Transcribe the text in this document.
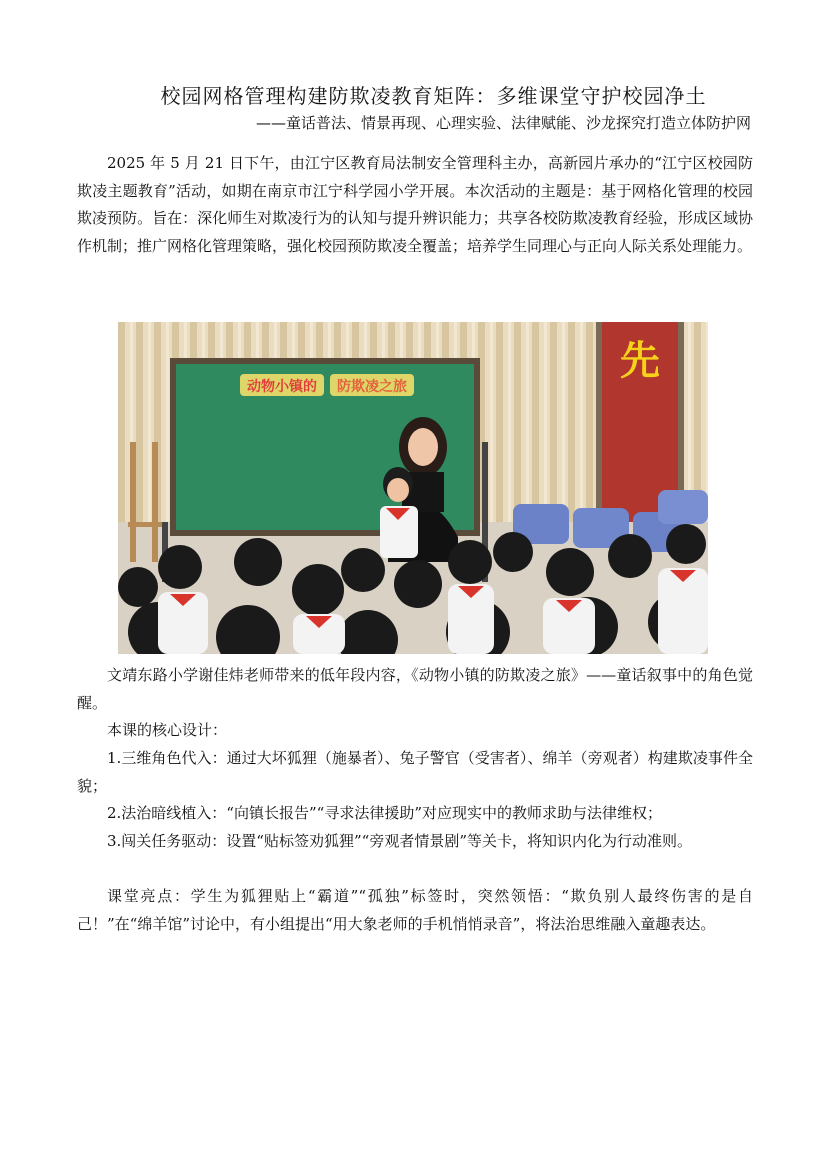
校园网格管理构建防欺凌教育矩阵：多维课堂守护校园净土
——童话普法、情景再现、心理实验、法律赋能、沙龙探究打造立体防护网

2025 年 5 月 21 日下午，由江宁区教育局法制安全管理科主办，高新园片承办的“江宁区校园防欺凌主题教育”活动，如期在南京市江宁科学园小学开展。本次活动的主题是：基于网格化管理的校园欺凌预防。旨在：深化师生对欺凌行为的认知与提升辨识能力；共享各校防欺凌教育经验，形成区域协作机制；推广网格化管理策略，强化校园预防欺凌全覆盖；培养学生同理心与正向人际关系处理能力。

先
动物小镇的 防欺凌之旅

文靖东路小学谢佳炜老师带来的低年段内容，《动物小镇的防欺凌之旅》——童话叙事中的角色觉醒。

本课的核心设计：

1.三维角色代入：通过大坏狐狸（施暴者）、兔子警官（受害者）、绵羊（旁观者）构建欺凌事件全貌；

2.法治暗线植入：“向镇长报告”“寻求法律援助”对应现实中的教师求助与法律维权；

3.闯关任务驱动：设置“贴标签劝狐狸”“旁观者情景剧”等关卡，将知识内化为行动准则。

课堂亮点：学生为狐狸贴上“霸道”“孤独”标签时，突然领悟：“欺负别人最终伤害的是自己！”在“绵羊馆”讨论中，有小组提出“用大象老师的手机悄悄录音”，将法治思维融入童趣表达。
